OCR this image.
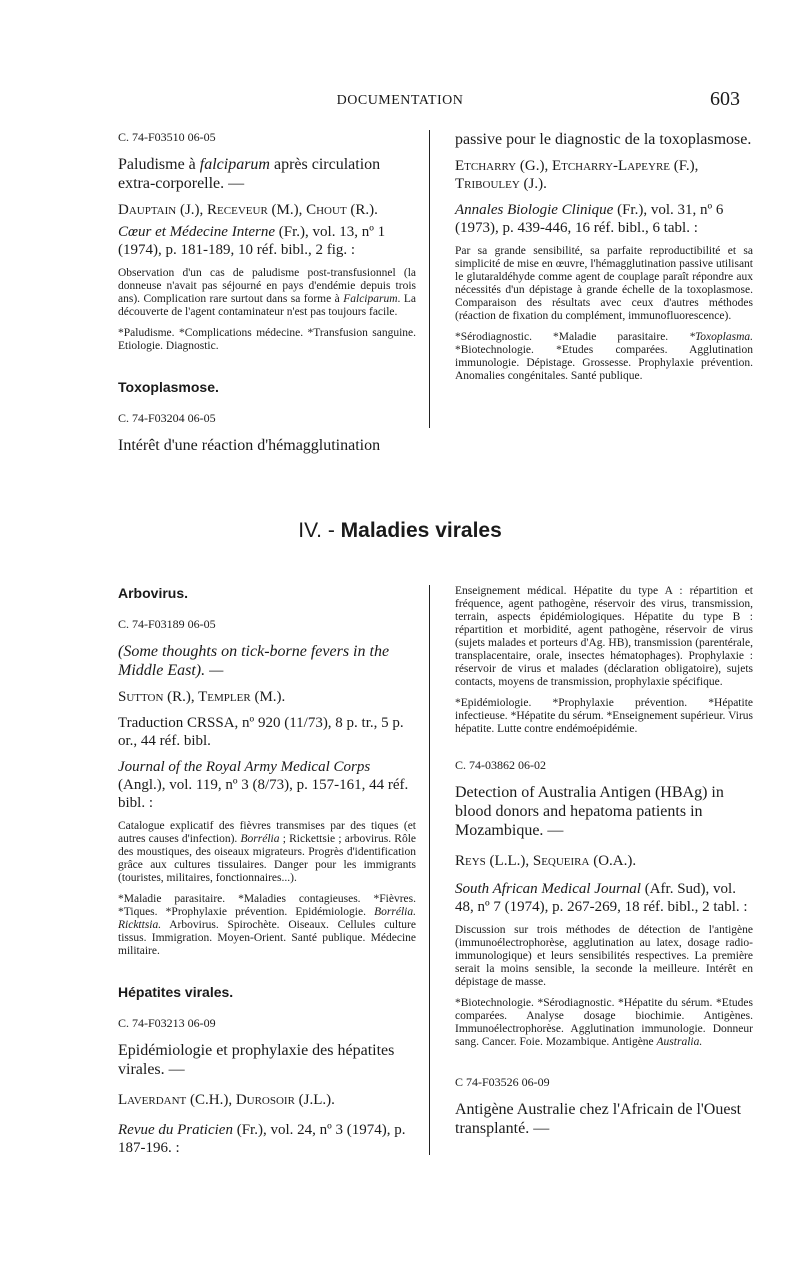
DOCUMENTATION	603

C. 74-F03510 06-05

Paludisme à falciparum après circulation extra-corporelle. —

Dauptain (J.), Receveur (M.), Chout (R.).

Cœur et Médecine Interne (Fr.), vol. 13, nº 1 (1974), p. 181-189, 10 réf. bibl., 2 fig. :

Observation d'un cas de paludisme post-transfusionnel (la donneuse n'avait pas séjourné en pays d'endémie depuis trois ans). Complication rare surtout dans sa forme à Falciparum. La découverte de l'agent contaminateur n'est pas toujours facile.

*Paludisme. *Complications médecine. *Transfusion sanguine. Etiologie. Diagnostic.

Toxoplasmose.

C. 74-F03204 06-05

Intérêt d'une réaction d'hémagglutination

passive pour le diagnostic de la toxoplasmose.

Etcharry (G.), Etcharry-Lapeyre (F.), Tribouley (J.).

Annales Biologie Clinique (Fr.), vol. 31, nº 6 (1973), p. 439-446, 16 réf. bibl., 6 tabl. :

Par sa grande sensibilité, sa parfaite reproductibilité et sa simplicité de mise en œuvre, l'hémagglutination passive utilisant le glutaraldéhyde comme agent de couplage paraît répondre aux nécessités d'un dépistage à grande échelle de la toxoplasmose. Comparaison des résultats avec ceux d'autres méthodes (réaction de fixation du complément, immunofluorescence).

*Sérodiagnostic. *Maladie parasitaire. *Toxoplasma. *Biotechnologie. *Etudes comparées. Agglutination immunologie. Dépistage. Grossesse. Prophylaxie prévention. Anomalies congénitales. Santé publique.

IV. - Maladies virales

Arbovirus.

C. 74-F03189 06-05

(Some thoughts on tick-borne fevers in the Middle East). —

Sutton (R.), Templer (M.).

Traduction CRSSA, nº 920 (11/73), 8 p. tr., 5 p. or., 44 réf. bibl.

Journal of the Royal Army Medical Corps (Angl.), vol. 119, nº 3 (8/73), p. 157-161, 44 réf. bibl. :

Catalogue explicatif des fièvres transmises par des tiques (et autres causes d'infection). Borrélia ; Rickettsie ; arbovirus. Rôle des moustiques, des oiseaux migrateurs. Progrès d'identification grâce aux cultures tissulaires. Danger pour les immigrants (touristes, militaires, fonctionnaires...).

*Maladie parasitaire. *Maladies contagieuses. *Fièvres. *Tiques. *Prophylaxie prévention. Epidémiologie. Borrélia. Rickttsia. Arbovirus. Spirochète. Oiseaux. Cellules culture tissus. Immigration. Moyen-Orient. Santé publique. Médecine militaire.

Hépatites virales.

C. 74-F03213 06-09

Epidémiologie et prophylaxie des hépatites virales. —

Laverdant (C.H.), Durosoir (J.L.).

Revue du Praticien (Fr.), vol. 24, nº 3 (1974), p. 187-196. :

Enseignement médical. Hépatite du type A : répartition et fréquence, agent pathogène, réservoir des virus, transmission, terrain, aspects épidémiologiques. Hépatite du type B : répartition et morbidité, agent pathogène, réservoir de virus (sujets malades et porteurs d'Ag. HB), transmission (parentérale, transplacentaire, orale, insectes hématophages). Prophylaxie : réservoir de virus et malades (déclaration obligatoire), sujets contacts, moyens de transmission, prophylaxie spécifique.

*Epidémiologie. *Prophylaxie prévention. *Hépatite infectieuse. *Hépatite du sérum. *Enseignement supérieur. Virus hépatite. Lutte contre endémoépidémie.

C. 74-03862 06-02

Detection of Australia Antigen (HBAg) in blood donors and hepatoma patients in Mozambique. —

Reys (L.L.), Sequeira (O.A.).

South African Medical Journal (Afr. Sud), vol. 48, nº 7 (1974), p. 267-269, 18 réf. bibl., 2 tabl. :

Discussion sur trois méthodes de détection de l'antigène (immunoélectrophorèse, agglutination au latex, dosage radio-immunologique) et leurs sensibilités respectives. La première serait la moins sensible, la seconde la meilleure. Intérêt en dépistage de masse.

*Biotechnologie. *Sérodiagnostic. *Hépatite du sérum. *Etudes comparées. Analyse dosage biochimie. Antigènes. Immunoélectrophorèse. Agglutination immunologie. Donneur sang. Cancer. Foie. Mozambique. Antigène Australia.

C 74-F03526 06-09

Antigène Australie chez l'Africain de l'Ouest transplanté. —
